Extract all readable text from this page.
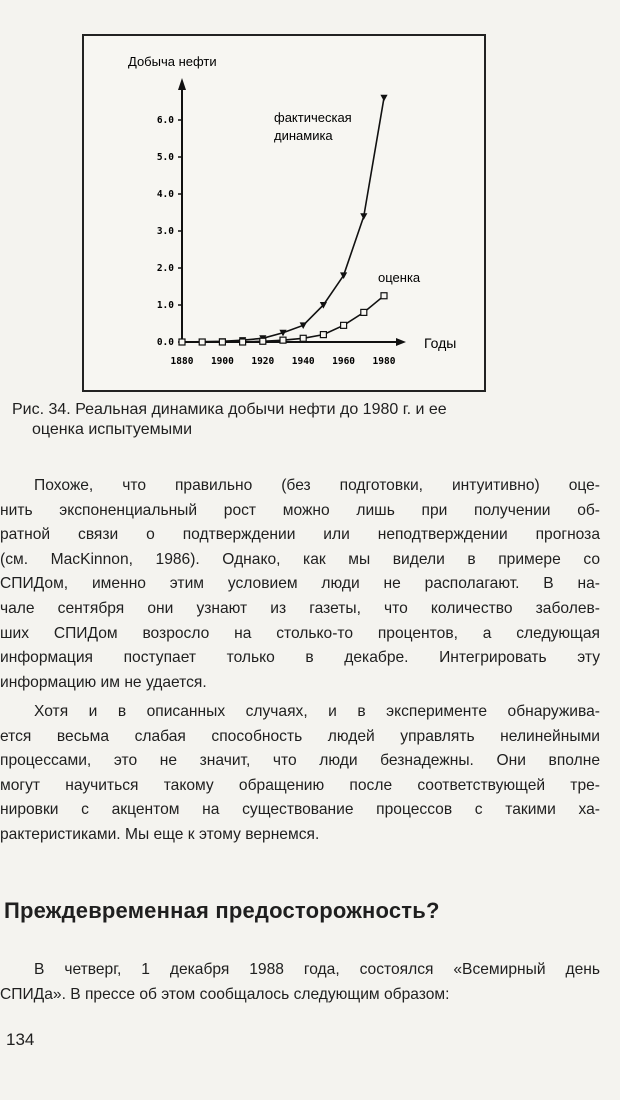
0.0
1.0
2.0
3.0
4.0
5.0
6.0
1880 1900 1920 1940 1960 1980
Добыча нефти
Годы
фактическая
динамика
оценка
Рис. 34. Реальная динамика добычи нефти до 1980 г. и ее
оценка испытуемыми
Похоже, что правильно (без подготовки, интуитивно) оце-
нить экспоненциальный рост можно лишь при получении об-
ратной связи о подтверждении или неподтверждении прогноза
(см. MacKinnon, 1986). Однако, как мы видели в примере со
СПИДом, именно этим условием люди не располагают. В на-
чале сентября они узнают из газеты, что количество заболев-
ших СПИДом возросло на столько-то процентов, а следующая
информация поступает только в декабре. Интегрировать эту
информацию им не удается.
Хотя и в описанных случаях, и в эксперименте обнаружива-
ется весьма слабая способность людей управлять нелинейными
процессами, это не значит, что люди безнадежны. Они вполне
могут научиться такому обращению после соответствующей тре-
нировки с акцентом на существование процессов с такими ха-
рактеристиками. Мы еще к этому вернемся.
Преждевременная предосторожность?
В четверг, 1 декабря 1988 года, состоялся «Всемирный день
СПИДа». В прессе об этом сообщалось следующим образом:
134
